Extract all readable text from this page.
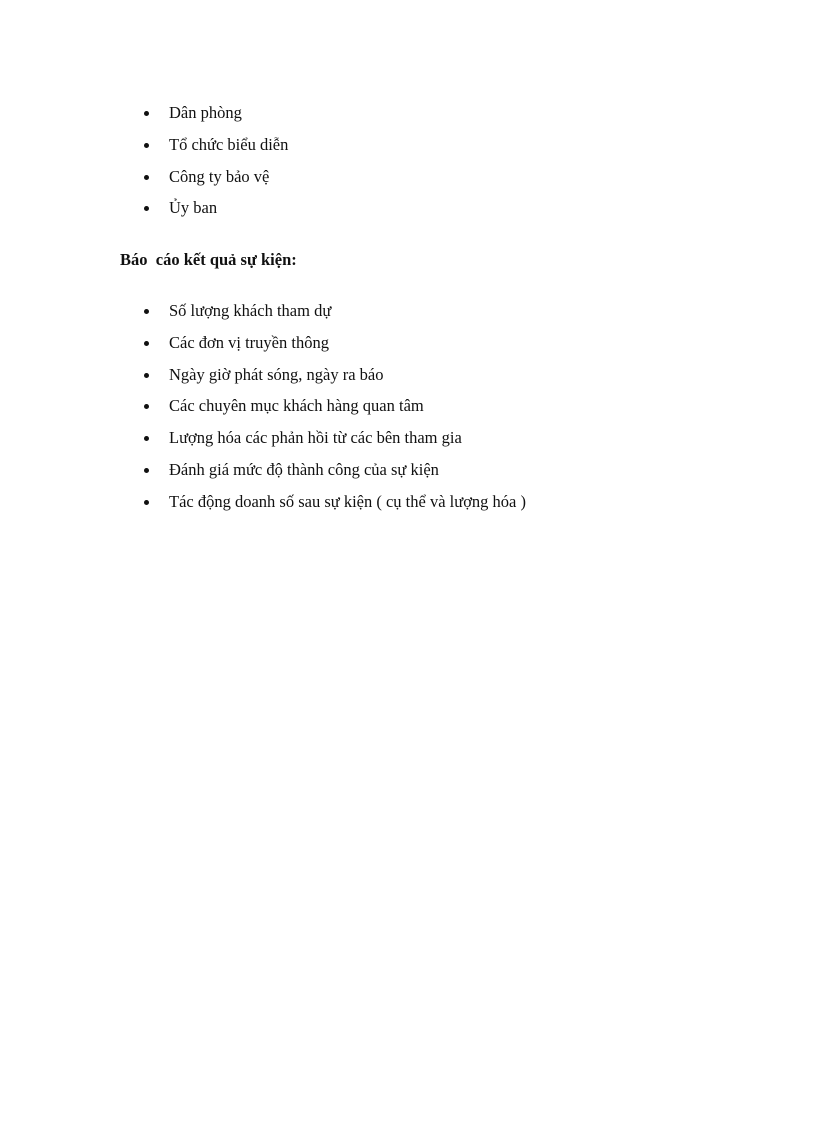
Dân phòng
Tổ chức biểu diễn
Công ty bảo vệ
Ủy ban

Báo  cáo kết quả sự kiện:

Số lượng khách tham dự
Các đơn vị truyền thông
Ngày giờ phát sóng, ngày ra báo
Các chuyên mục khách hàng quan tâm
Lượng hóa các phản hồi từ các bên tham gia
Đánh giá mức độ thành công của sự kiện
Tác động doanh số sau sự kiện ( cụ thể và lượng hóa )
